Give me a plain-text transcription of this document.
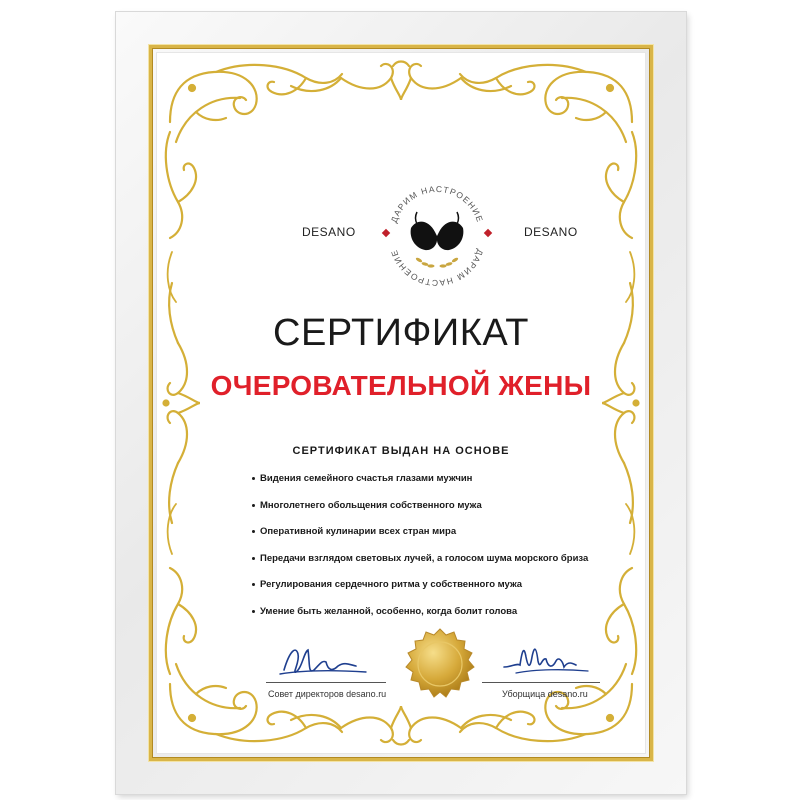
DESANO	DESANO
ДАРИМ НАСТРОЕНИЕ
ДАРИМ НАСТРОЕНИЕ
СЕРТИФИКАТ
ОЧЕРОВАТЕЛЬНОЙ ЖЕНЫ
СЕРТИФИКАТ ВЫДАН НА ОСНОВЕ
Видения семейного счастья глазами мужчин
Многолетнего обольщения собственного мужа
Оперативной кулинарии всех стран мира
Передачи взглядом световых лучей, а голосом шума морского бриза
Регулирования сердечного ритма у собственного мужа
Умение быть желанной, особенно, когда болит голова
Совет директоров desano.ru	Уборщица desano.ru
